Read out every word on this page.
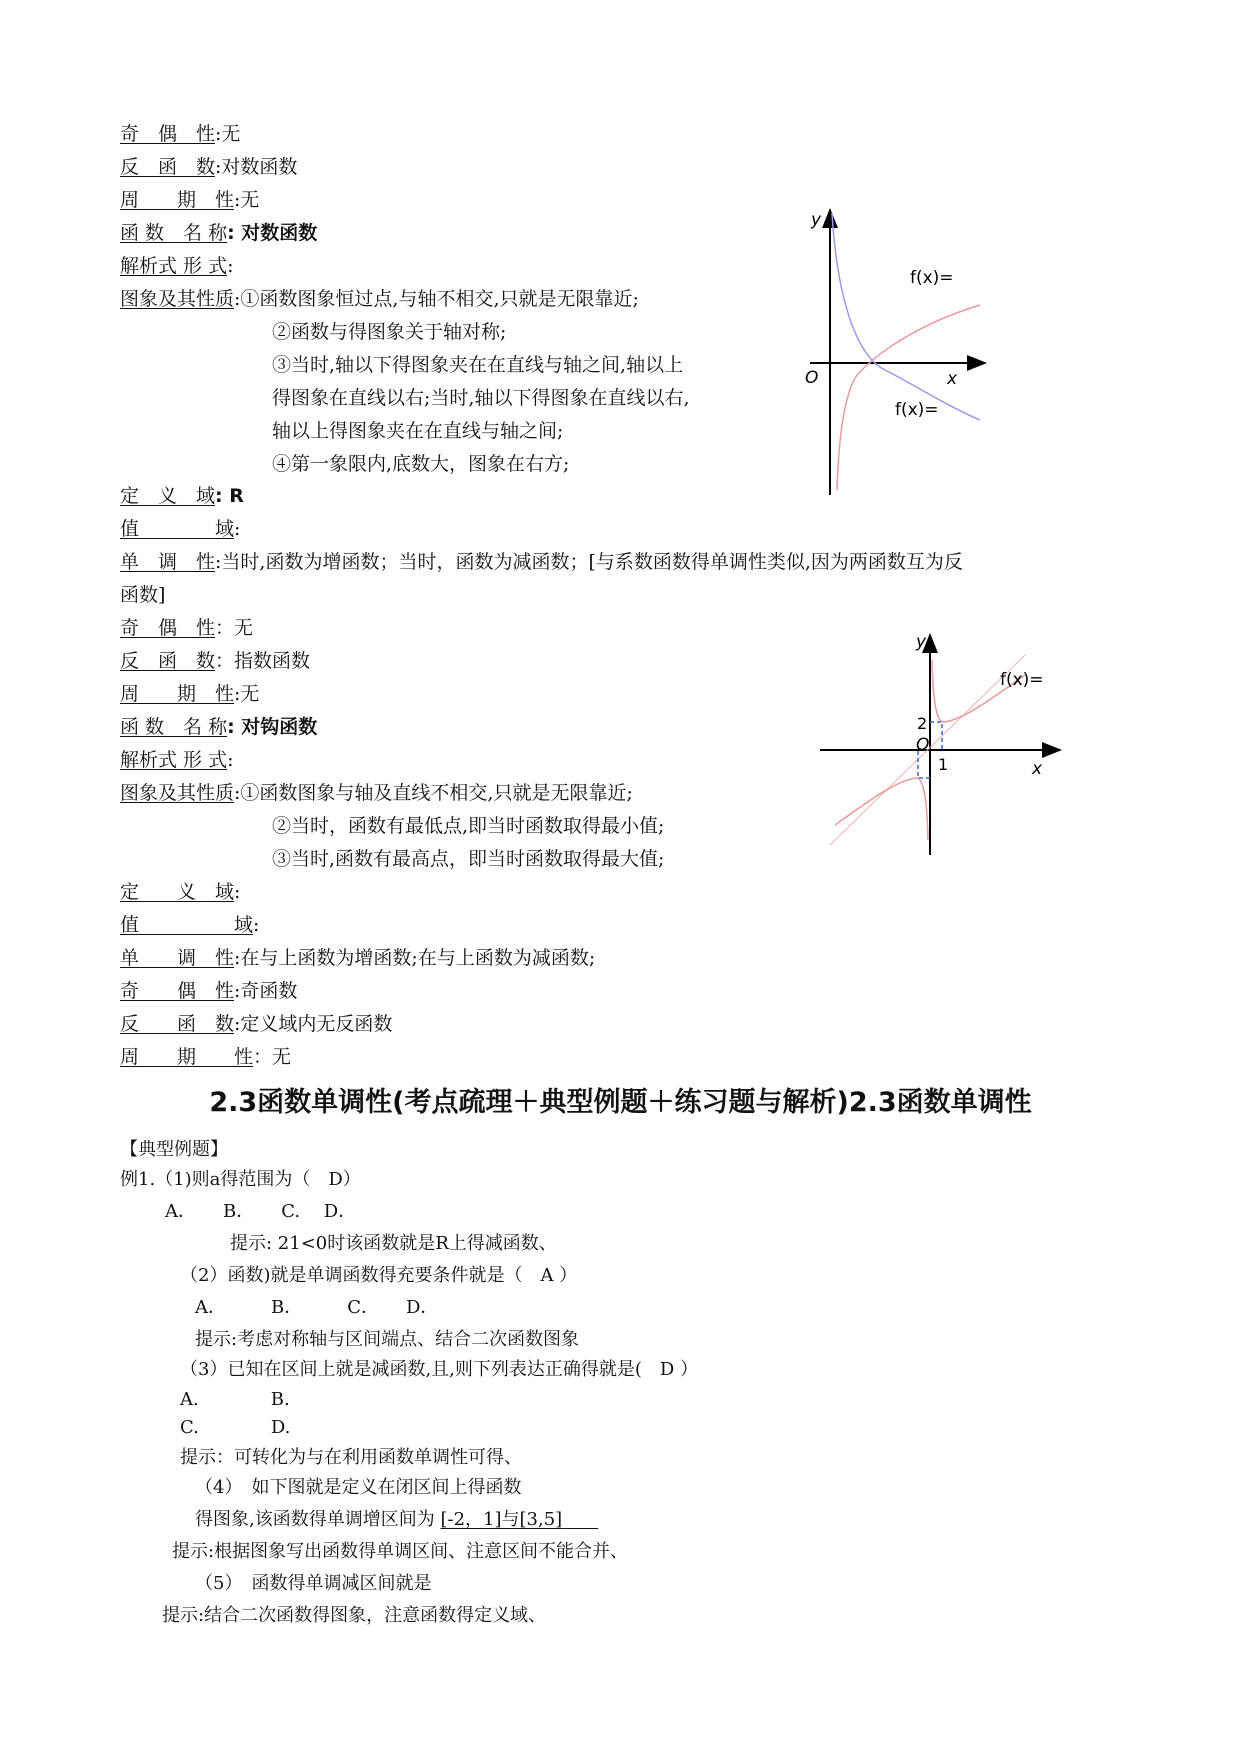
奇　偶　性:无
反　函　数:对数函数
周　　期　性:无
函 数　名 称: 对数函数
解析式 形 式:
图象及其性质:①函数图象恒过点,与轴不相交,只就是无限靠近;
②函数与得图象关于轴对称;
③当时,轴以下得图象夹在在直线与轴之间,轴以上
得图象在直线以右;当时,轴以下得图象在直线以右,
轴以上得图象夹在在直线与轴之间;
④第一象限内,底数大，图象在右方;
y
x
O
f(x)=
f(x)=
定　义　域: R
值　　　　域:
单　调　性:当时,函数为增函数；当时，函数为减函数；[与系数函数得单调性类似,因为两函数互为反
函数]
奇　偶　性：无
反　函　数：指数函数
周　　期　性:无
函 数　名 称: 对钩函数
解析式 形 式:
图象及其性质:①函数图象与轴及直线不相交,只就是无限靠近;
②当时，函数有最低点,即当时函数取得最小值;
③当时,函数有最高点，即当时函数取得最大值;
y
x
O
2
1
f(x)=
定　　义　域:
值　　　　　域:
单　　调　性:在与上函数为增函数;在与上函数为减函数;
奇　　偶　性:奇函数
反　　函　数:定义域内无反函数
周　　期　　性：无
2.3函数单调性(考点疏理＋典型例题＋练习题与解析)2.3函数单调性
【典型例题】
例1.（1)则a得范围为（　D）
A．　　B．　　C.　 D．
提示: 21<0时该函数就是R上得减函数、
（2）函数)就是单调函数得充要条件就是（　A ）
A．　　　B．　　　C．　　D．
提示:考虑对称轴与区间端点、结合二次函数图象
（3）已知在区间上就是减函数,且,则下列表达正确得就是(　D ）
A.　　　　B.
C.　　　　D.
提示：可转化为与在利用函数单调性可得、
（4）　如下图就是定义在闭区间上得函数
得图象,该函数得单调增区间为 [-2，1]与[3,5]　　
提示:根据图象写出函数得单调区间、注意区间不能合并、
（5）　函数得单调减区间就是
提示:结合二次函数得图象，注意函数得定义域、
